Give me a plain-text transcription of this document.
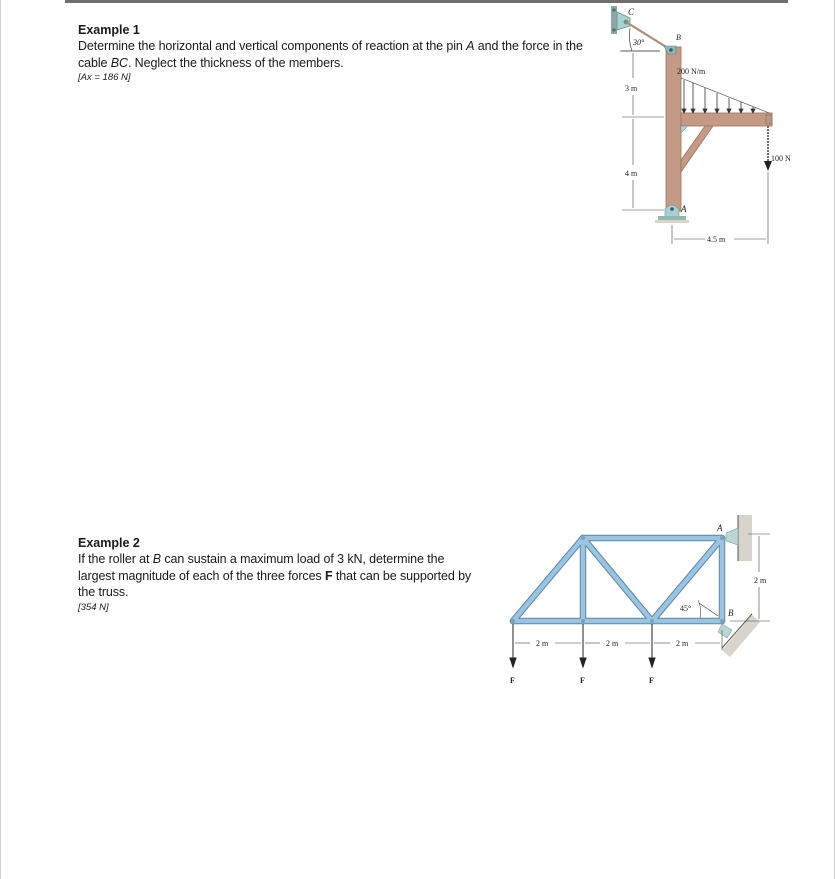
Example 1

Determine the horizontal and vertical components of reaction at the pin A and the force in the cable BC. Neglect the thickness of the members.

[Ax = 186 N]

30°
B
C
200 N/m
100 N
A
3 m
4 m
4.5 m

Example 2

If the roller at B can sustain a maximum load of 3 kN, determine the largest magnitude of each of the three forces F that can be supported by the truss.

[354 N]

A
B
45°
2 m
2 m	2 m	2 m
F	F	F
